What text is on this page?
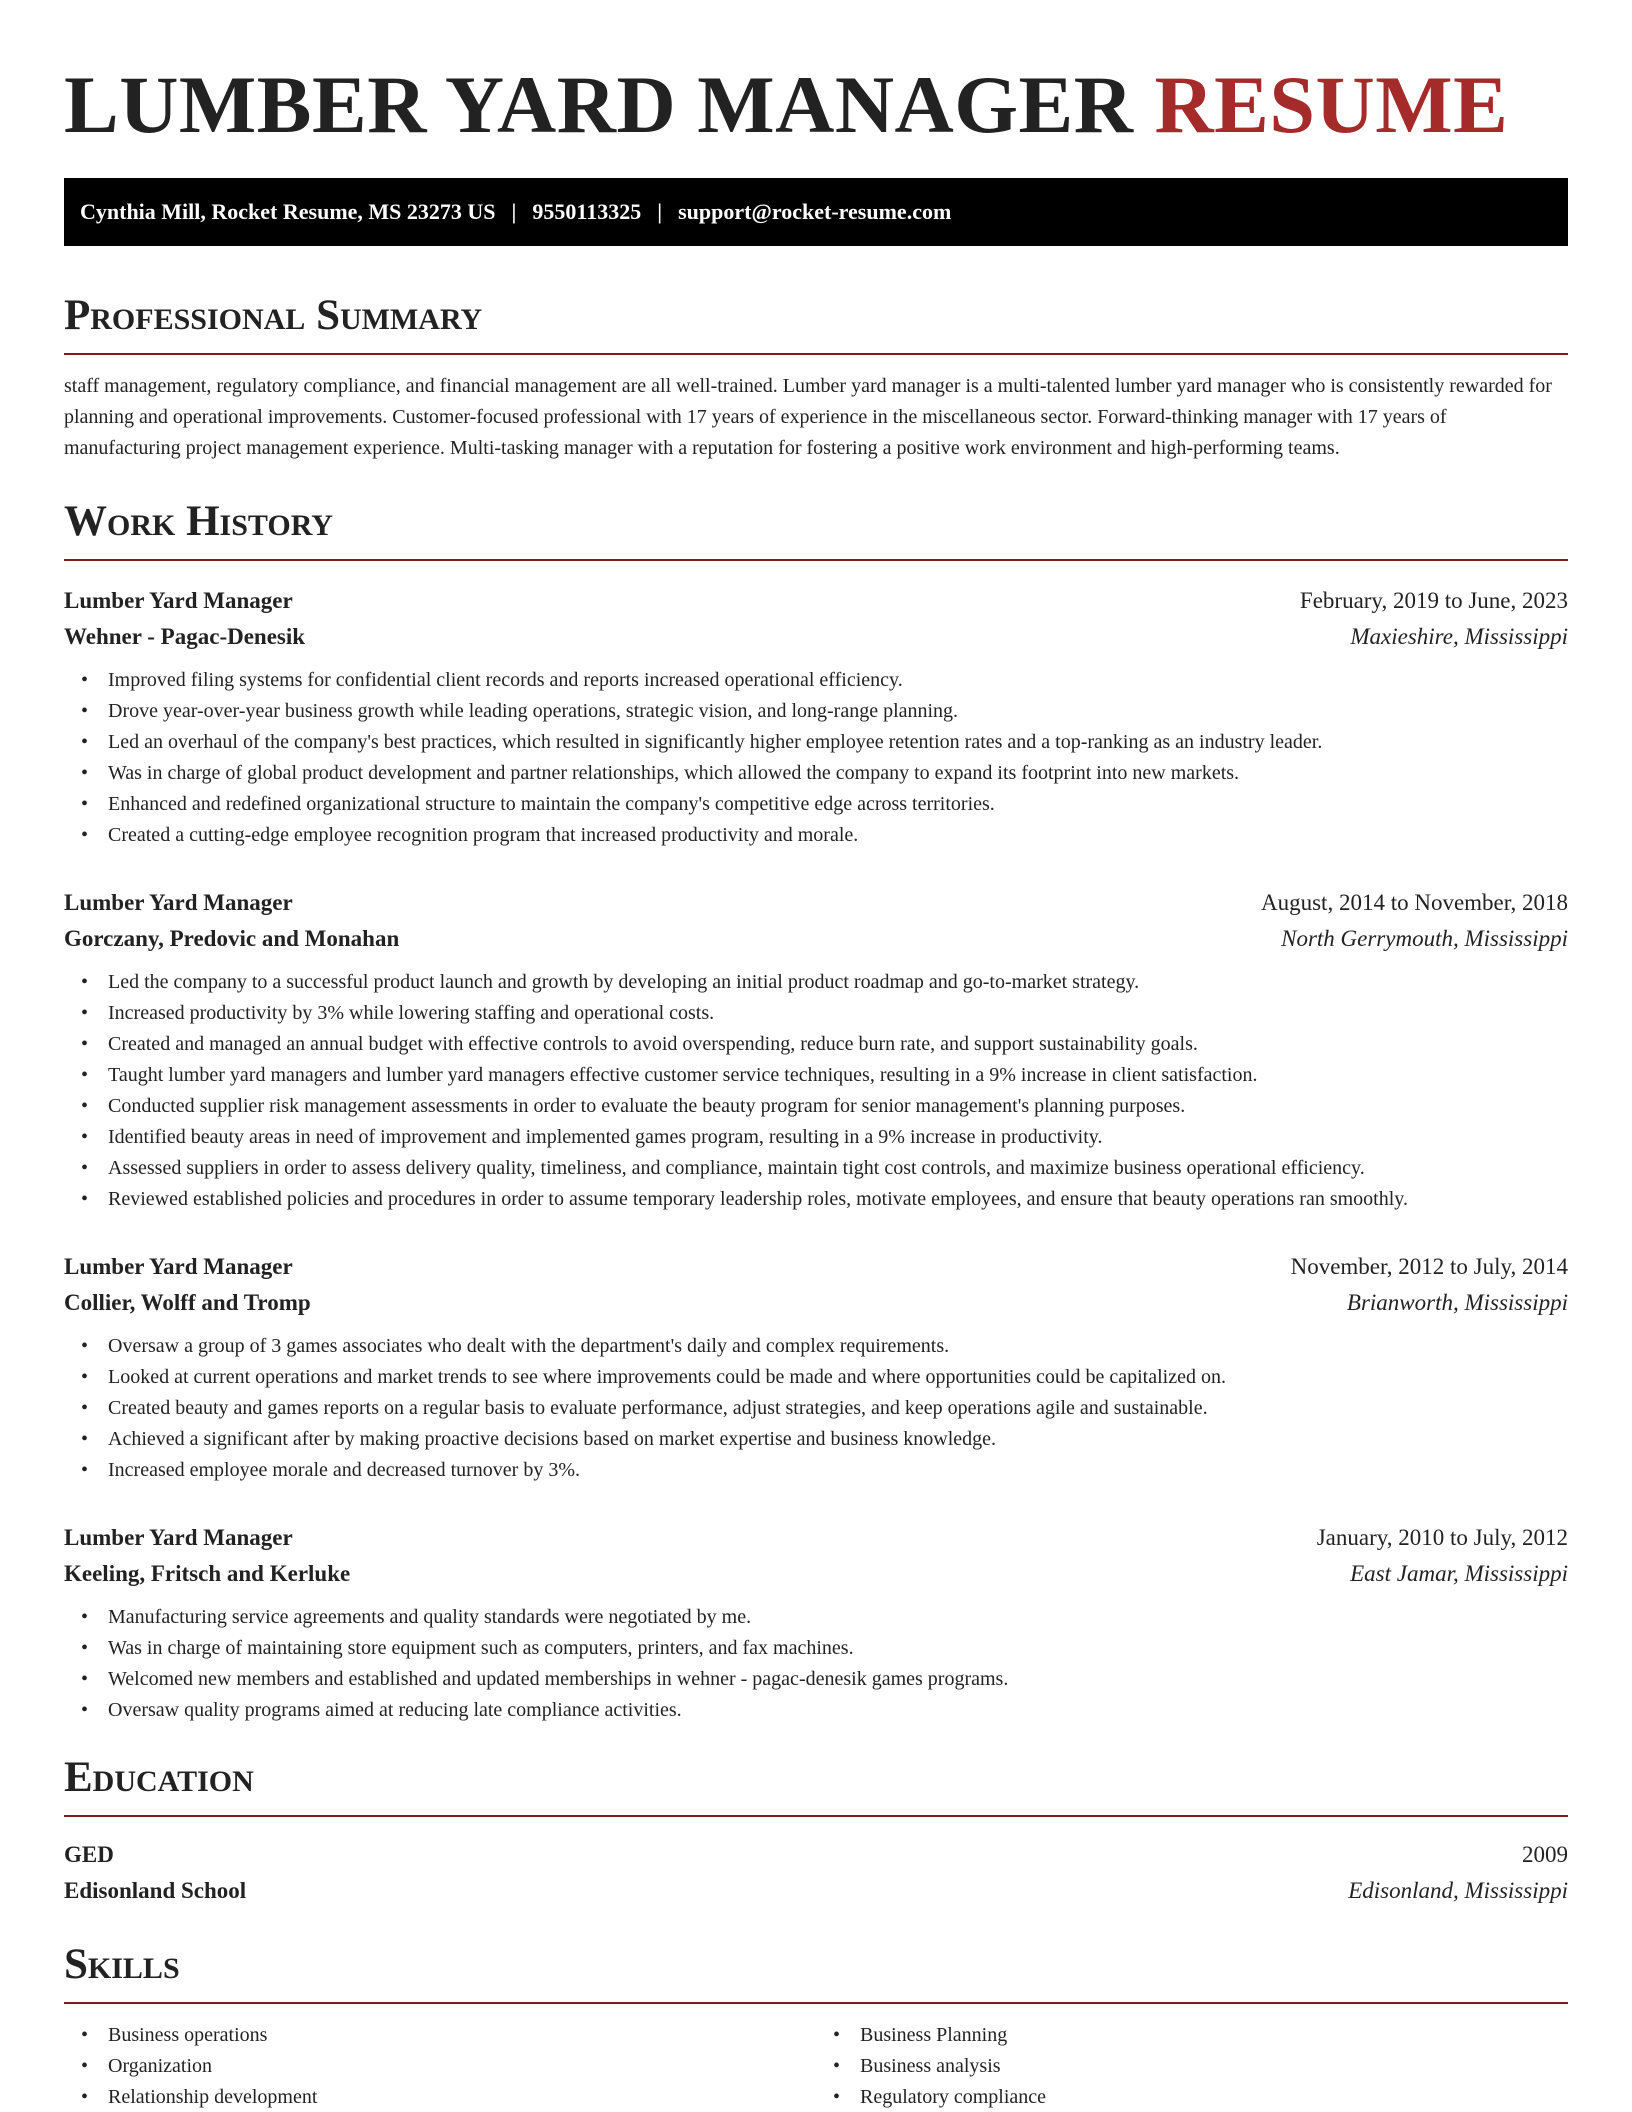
LUMBER YARD MANAGER RESUME
Cynthia Mill, Rocket Resume, MS 23273 US | 9550113325 | support@rocket-resume.com
Professional Summary

staff management, regulatory compliance, and financial management are all well-trained. Lumber yard manager is a multi-talented lumber yard manager who is consistently rewarded for planning and operational improvements. Customer-focused professional with 17 years of experience in the miscellaneous sector. Forward-thinking manager with 17 years of manufacturing project management experience. Multi-tasking manager with a reputation for fostering a positive work environment and high-performing teams.

Work History
Lumber Yard Manager	February, 2019 to June, 2023
Wehner - Pagac-Denesik	Maxieshire, Mississippi
• Improved filing systems for confidential client records and reports increased operational efficiency.
• Drove year-over-year business growth while leading operations, strategic vision, and long-range planning.
• Led an overhaul of the company's best practices, which resulted in significantly higher employee retention rates and a top-ranking as an industry leader.
• Was in charge of global product development and partner relationships, which allowed the company to expand its footprint into new markets.
• Enhanced and redefined organizational structure to maintain the company's competitive edge across territories.
• Created a cutting-edge employee recognition program that increased productivity and morale.
Lumber Yard Manager	August, 2014 to November, 2018
Gorczany, Predovic and Monahan	North Gerrymouth, Mississippi
• Led the company to a successful product launch and growth by developing an initial product roadmap and go-to-market strategy.
• Increased productivity by 3% while lowering staffing and operational costs.
• Created and managed an annual budget with effective controls to avoid overspending, reduce burn rate, and support sustainability goals.
• Taught lumber yard managers and lumber yard managers effective customer service techniques, resulting in a 9% increase in client satisfaction.
• Conducted supplier risk management assessments in order to evaluate the beauty program for senior management's planning purposes.
• Identified beauty areas in need of improvement and implemented games program, resulting in a 9% increase in productivity.
• Assessed suppliers in order to assess delivery quality, timeliness, and compliance, maintain tight cost controls, and maximize business operational efficiency.
• Reviewed established policies and procedures in order to assume temporary leadership roles, motivate employees, and ensure that beauty operations ran smoothly.
Lumber Yard Manager	November, 2012 to July, 2014
Collier, Wolff and Tromp	Brianworth, Mississippi
• Oversaw a group of 3 games associates who dealt with the department's daily and complex requirements.
• Looked at current operations and market trends to see where improvements could be made and where opportunities could be capitalized on.
• Created beauty and games reports on a regular basis to evaluate performance, adjust strategies, and keep operations agile and sustainable.
• Achieved a significant after by making proactive decisions based on market expertise and business knowledge.
• Increased employee morale and decreased turnover by 3%.
Lumber Yard Manager	January, 2010 to July, 2012
Keeling, Fritsch and Kerluke	East Jamar, Mississippi
• Manufacturing service agreements and quality standards were negotiated by me.
• Was in charge of maintaining store equipment such as computers, printers, and fax machines.
• Welcomed new members and established and updated memberships in wehner - pagac-denesik games programs.
• Oversaw quality programs aimed at reducing late compliance activities.
Education
GED	2009
Edisonland School	Edisonland, Mississippi
Skills
• Business operations
• Organization
• Relationship development
• Business Planning
• Business analysis
• Regulatory compliance
